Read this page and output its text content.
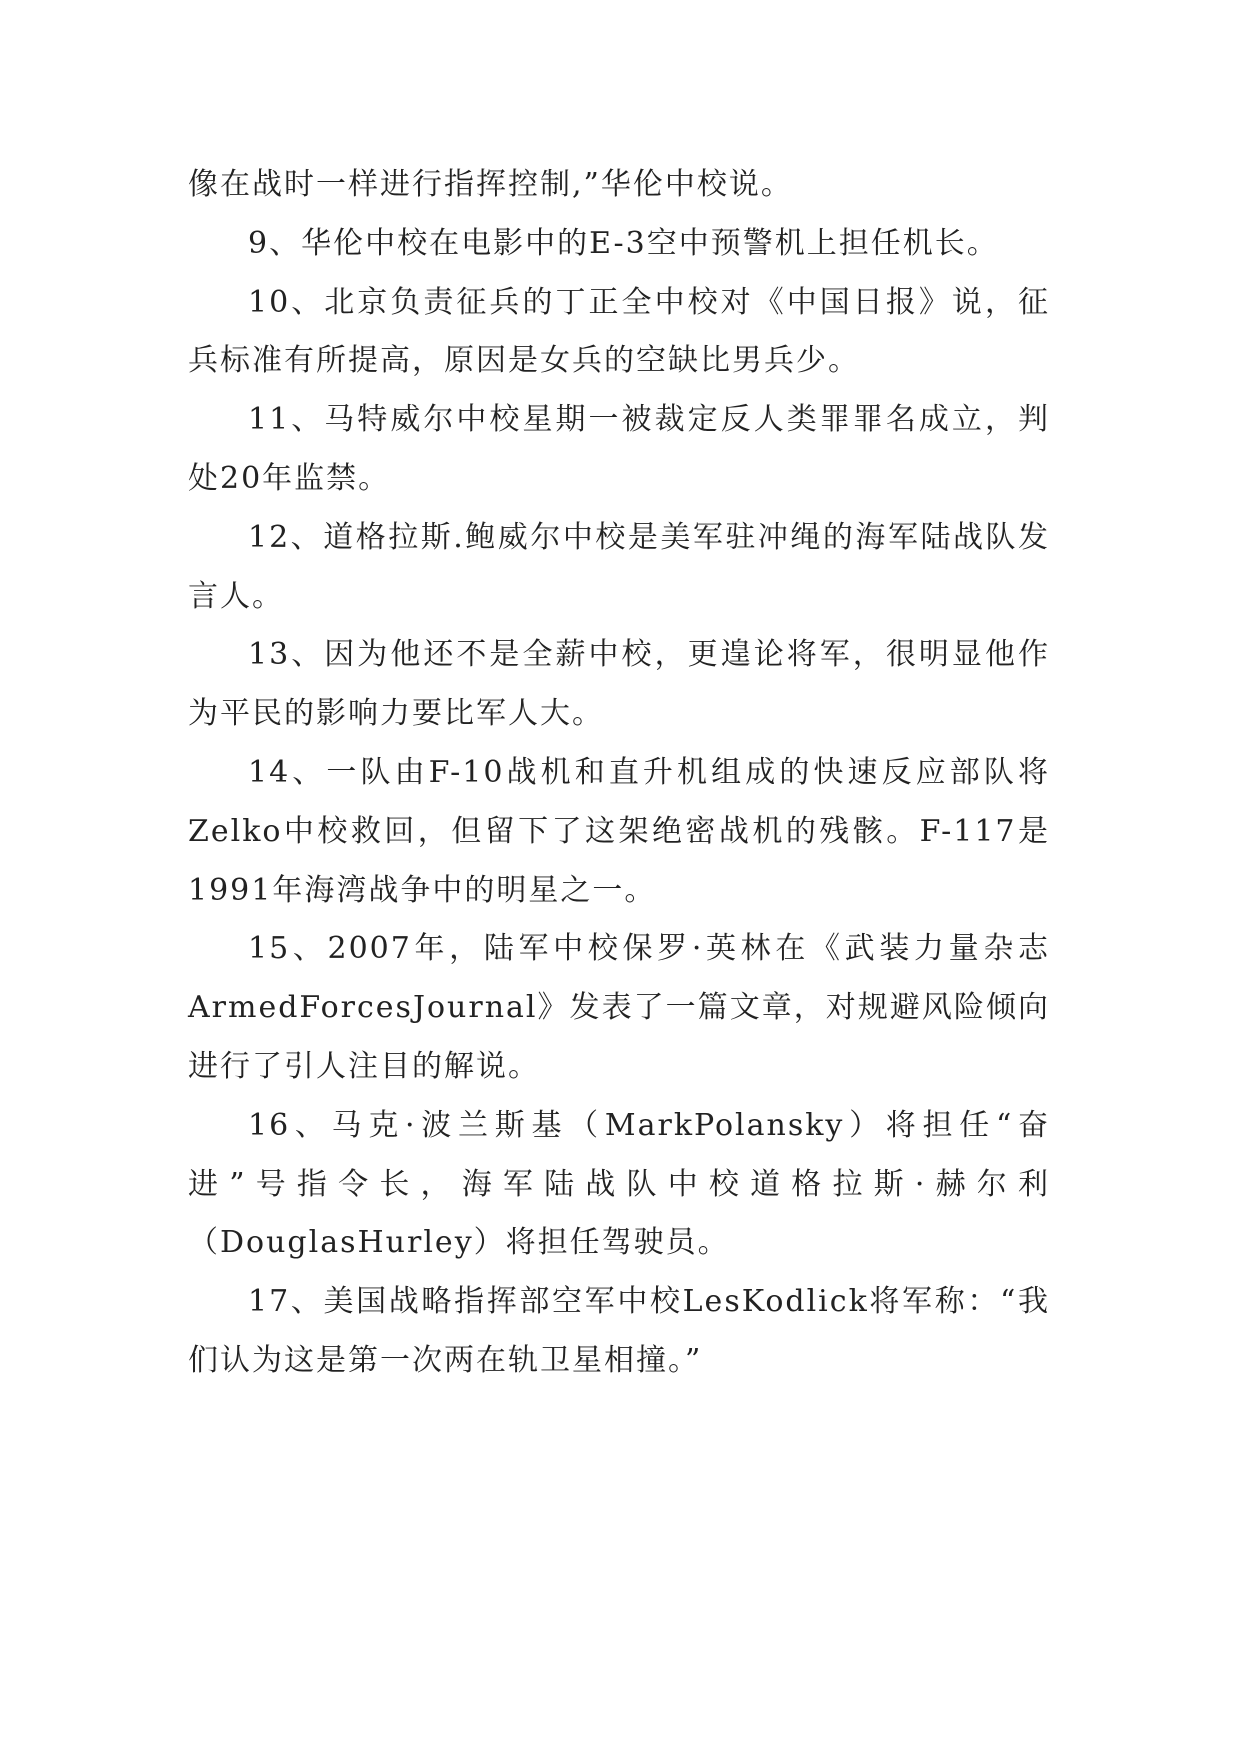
像在战时一样进行指挥控制,”华伦中校说。

9、华伦中校在电影中的E-3空中预警机上担任机长。

10、北京负责征兵的丁正全中校对《中国日报》说，征兵标准有所提高，原因是女兵的空缺比男兵少。

11、马特威尔中校星期一被裁定反人类罪罪名成立，判处20年监禁。

12、道格拉斯.鲍威尔中校是美军驻冲绳的海军陆战队发言人。

13、因为他还不是全薪中校，更遑论将军，很明显他作为平民的影响力要比军人大。

14、一队由F-10战机和直升机组成的快速反应部队将Zelko中校救回，但留下了这架绝密战机的残骸。F-117是1991年海湾战争中的明星之一。

15、2007年，陆军中校保罗·英林在《武装力量杂志ArmedForcesJournal》发表了一篇文章，对规避风险倾向进行了引人注目的解说。

16、马克·波兰斯基（MarkPolansky）将担任“奋进”号指令长，海军陆战队中校道格拉斯·赫尔利（DouglasHurley）将担任驾驶员。

17、美国战略指挥部空军中校LesKodlick将军称：“我们认为这是第一次两在轨卫星相撞。”
